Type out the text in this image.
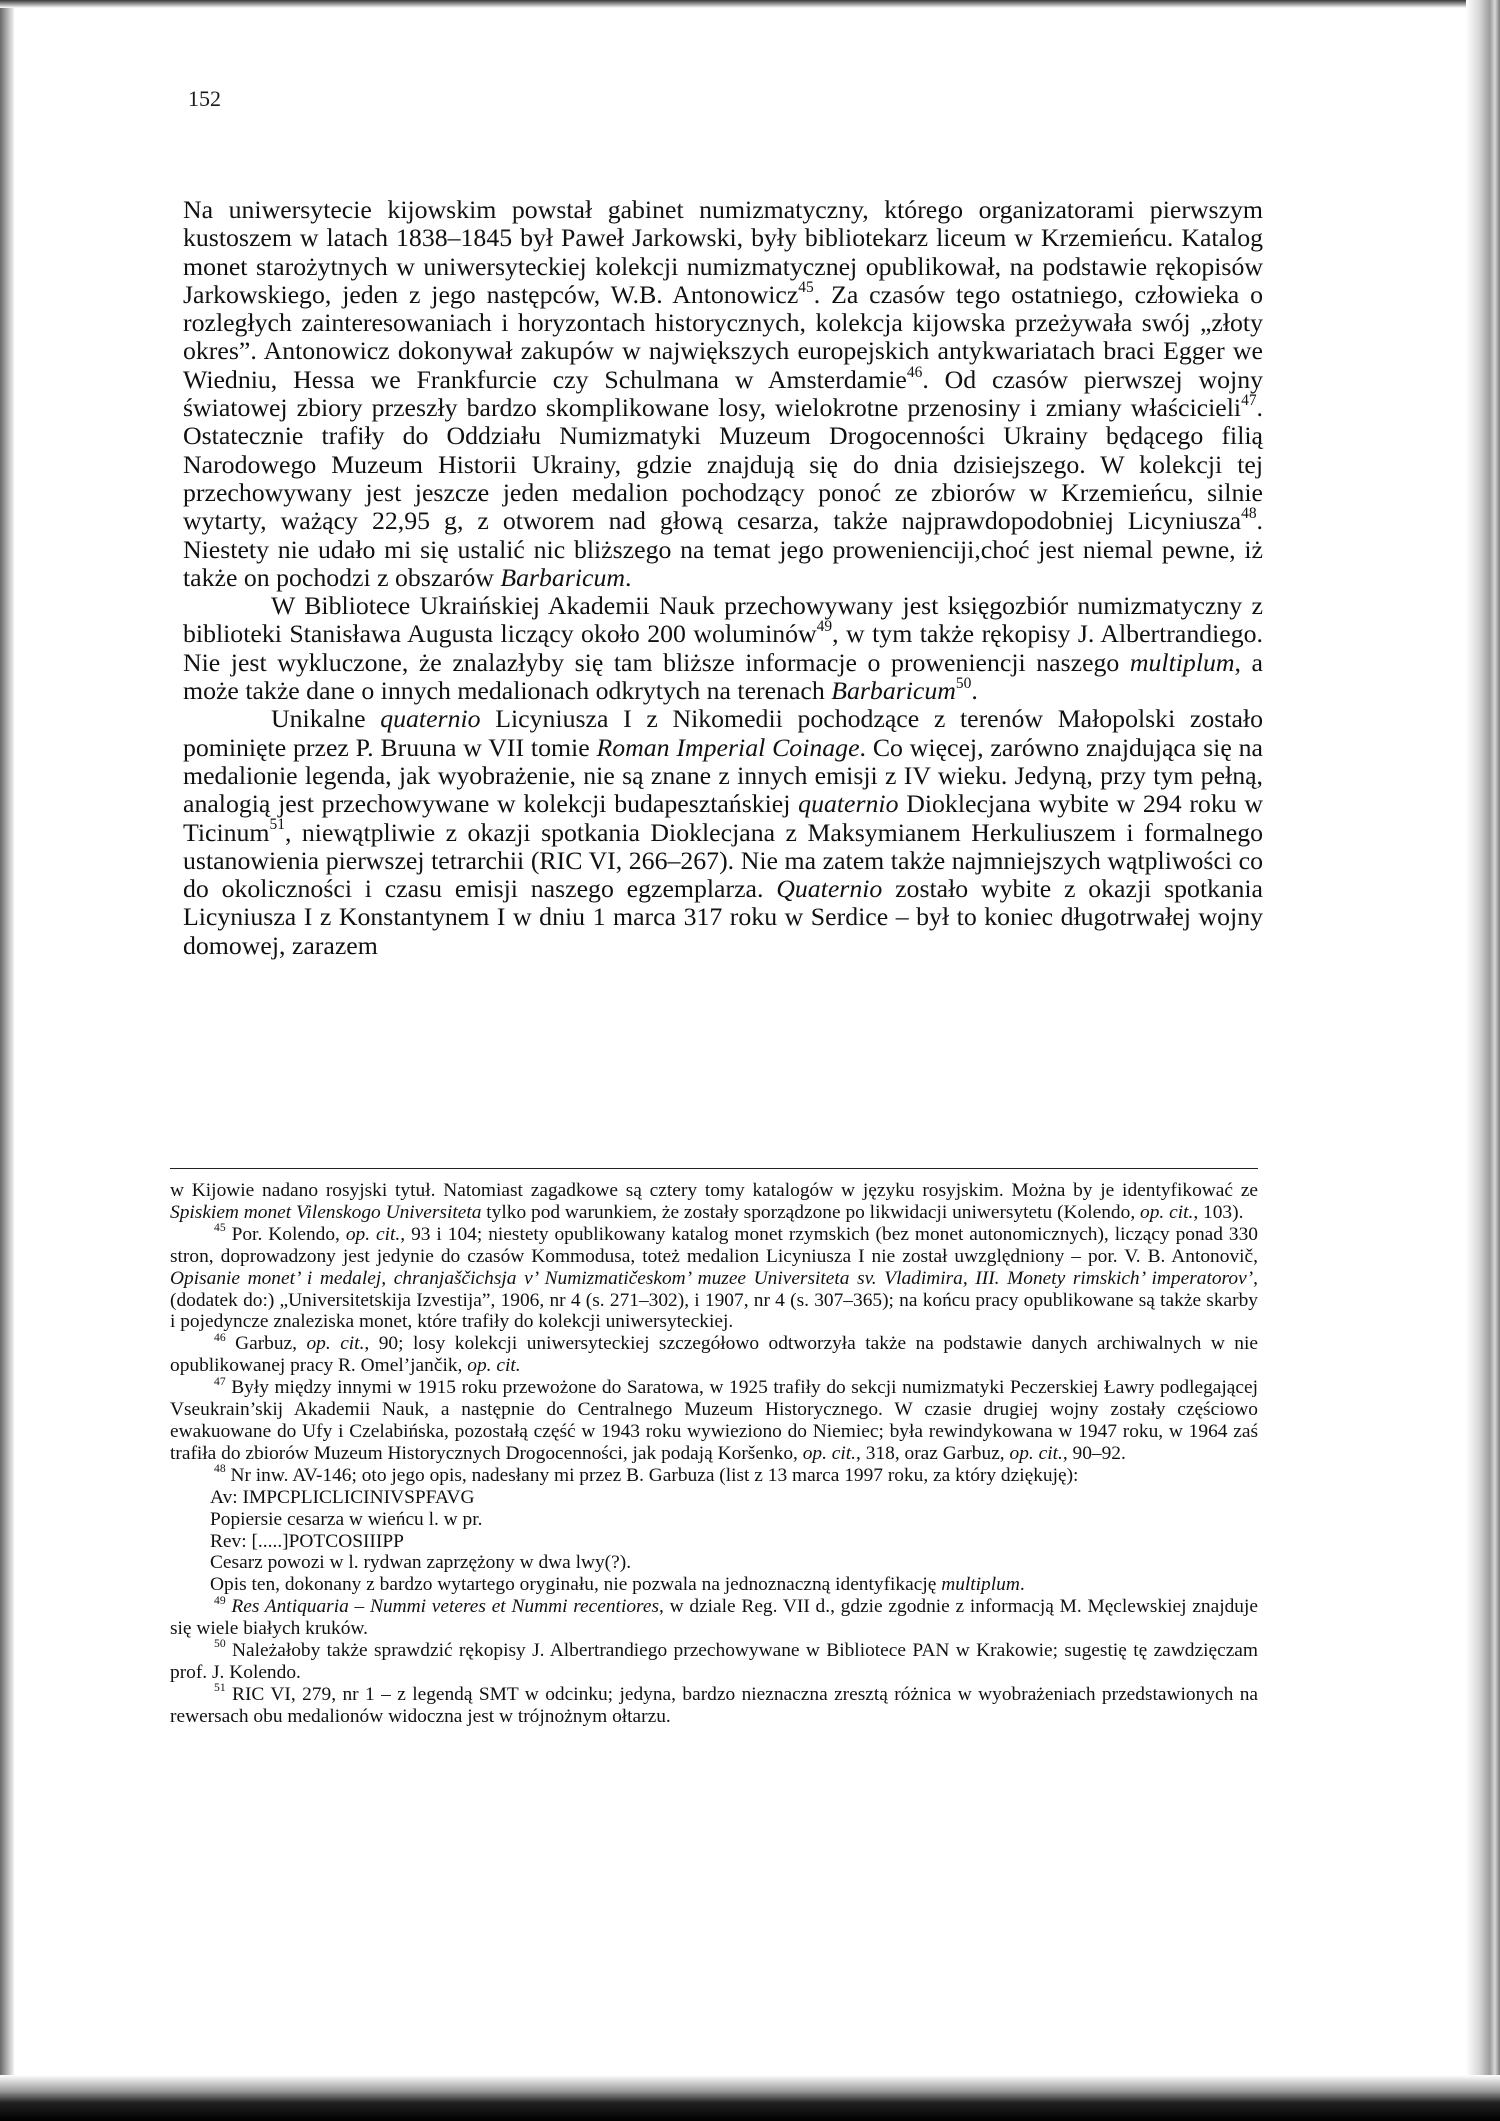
152

Na uniwersytecie kijowskim powstał gabinet numizmatyczny, którego organizatorami pierwszym kustoszem w latach 1838–1845 był Paweł Jarkowski, były bibliotekarz liceum w Krzemieńcu. Katalog monet starożytnych w uniwersyteckiej kolekcji numizmatycznej opublikował, na podstawie rękopisów Jarkowskiego, jeden z jego następców, W.B. Antonowicz$^{45}$. Za czasów tego ostatniego, człowieka o rozległych zainteresowaniach i horyzontach historycznych, kolekcja kijowska przeżywała swój „złoty okres”. Antonowicz dokonywał zakupów w największych europejskich antykwariatach braci Egger we Wiedniu, Hessa we Frankfurcie czy Schulmana w Amsterdamie$^{46}$. Od czasów pierwszej wojny światowej zbiory przeszły bardzo skomplikowane losy, wielokrotne przenosiny i zmiany właścicieli$^{47}$. Ostatecznie trafiły do Oddziału Numizmatyki Muzeum Drogocenności Ukrainy będącego filią Narodowego Muzeum Historii Ukrainy, gdzie znajdują się do dnia dzisiejszego. W kolekcji tej przechowywany jest jeszcze jeden medalion pochodzący ponoć ze zbiorów w Krzemieńcu, silnie wytarty, ważący 22,95 g, z otworem nad głową cesarza, także najprawdopodobniej Licyniusza$^{48}$. Niestety nie udało mi się ustalić nic bliższego na temat jego prowenienciji,choć jest niemal pewne, iż także on pochodzi z obszarów Barbaricum.

W Bibliotece Ukraińskiej Akademii Nauk przechowywany jest księgozbiór numizmatyczny z biblioteki Stanisława Augusta liczący około 200 woluminów$^{49}$, w tym także rękopisy J. Albertrandiego. Nie jest wykluczone, że znalazłyby się tam bliższe informacje o proweniencji naszego multiplum, a może także dane o innych medalionach odkrytych na terenach Barbaricum$^{50}$.

Unikalne quaternio Licyniusza I z Nikomedii pochodzące z terenów Małopolski zostało pominięte przez P. Bruuna w VII tomie Roman Imperial Coinage. Co więcej, zarówno znajdująca się na medalionie legenda, jak wyobrażenie, nie są znane z innych emisji z IV wieku. Jedyną, przy tym pełną, analogią jest przechowywane w kolekcji budapesztańskiej quaternio Dioklecjana wybite w 294 roku w Ticinum$^{51}$, niewątpliwie z okazji spotkania Dioklecjana z Maksymianem Herkuliuszem i formalnego ustanowienia pierwszej tetrarchii (RIC VI, 266–267). Nie ma zatem także najmniejszych wątpliwości co do okoliczności i czasu emisji naszego egzemplarza. Quaternio zostało wybite z okazji spotkania Licyniusza I z Konstantynem I w dniu 1 marca 317 roku w Serdice – był to koniec długotrwałej wojny domowej, zarazem

w Kijowie nadano rosyjski tytuł. Natomiast zagadkowe są cztery tomy katalogów w języku rosyjskim. Można by je identyfikować ze Spiskiem monet Vilenskogo Universiteta tylko pod warunkiem, że zostały sporządzone po likwidacji uniwersytetu (Kolendo, op. cit., 103).

$^{45}$ Por. Kolendo, op. cit., 93 i 104; niestety opublikowany katalog monet rzymskich (bez monet autonomicznych), liczący ponad 330 stron, doprowadzony jest jedynie do czasów Kommodusa, toteż medalion Licyniusza I nie został uwzględniony – por. V. B. Antonovič, Opisanie monet’ i medalej, chranjaščichsja v’ Numizmatičeskom’ muzee Universiteta sv. Vladimira, III. Monety rimskich’ imperatorov’, (dodatek do:) „Universitetskija Izvestija”, 1906, nr 4 (s. 271–302), i 1907, nr 4 (s. 307–365); na końcu pracy opublikowane są także skarby i pojedyncze znaleziska monet, które trafiły do kolekcji uniwersyteckiej.

$^{46}$ Garbuz, op. cit., 90; losy kolekcji uniwersyteckiej szczegółowo odtworzyła także na podstawie danych archiwalnych w nie opublikowanej pracy R. Omel’jančik, op. cit.

$^{47}$ Były między innymi w 1915 roku przewożone do Saratowa, w 1925 trafiły do sekcji numizmatyki Peczerskiej Ławry podlegającej Vseukrain’skij Akademii Nauk, a następnie do Centralnego Muzeum Historycznego. W czasie drugiej wojny zostały częściowo ewakuowane do Ufy i Czelabińska, pozostałą część w 1943 roku wywieziono do Niemiec; była rewindykowana w 1947 roku, w 1964 zaś trafiła do zbiorów Muzeum Historycznych Drogocenności, jak podają Koršenko, op. cit., 318, oraz Garbuz, op. cit., 90–92.

$^{48}$ Nr inw. AV-146; oto jego opis, nadesłany mi przez B. Garbuza (list z 13 marca 1997 roku, za który dziękuję):

Av: IMPCPLICLICINIVSPFAVG

Popiersie cesarza w wieńcu l. w pr.

Rev: [.....]POTCOSIIIPP

Cesarz powozi w l. rydwan zaprzężony w dwa lwy(?).

Opis ten, dokonany z bardzo wytartego oryginału, nie pozwala na jednoznaczną identyfikację multiplum.

$^{49}$ Res Antiquaria – Nummi veteres et Nummi recentiores, w dziale Reg. VII d., gdzie zgodnie z informacją M. Męclewskiej znajduje się wiele białych kruków.

$^{50}$ Należałoby także sprawdzić rękopisy J. Albertrandiego przechowywane w Bibliotece PAN w Krakowie; sugestię tę zawdzięczam prof. J. Kolendo.

$^{51}$ RIC VI, 279, nr 1 – z legendą SMT w odcinku; jedyna, bardzo nieznaczna zresztą różnica w wyobrażeniach przedstawionych na rewersach obu medalionów widoczna jest w trójnożnym ołtarzu.
